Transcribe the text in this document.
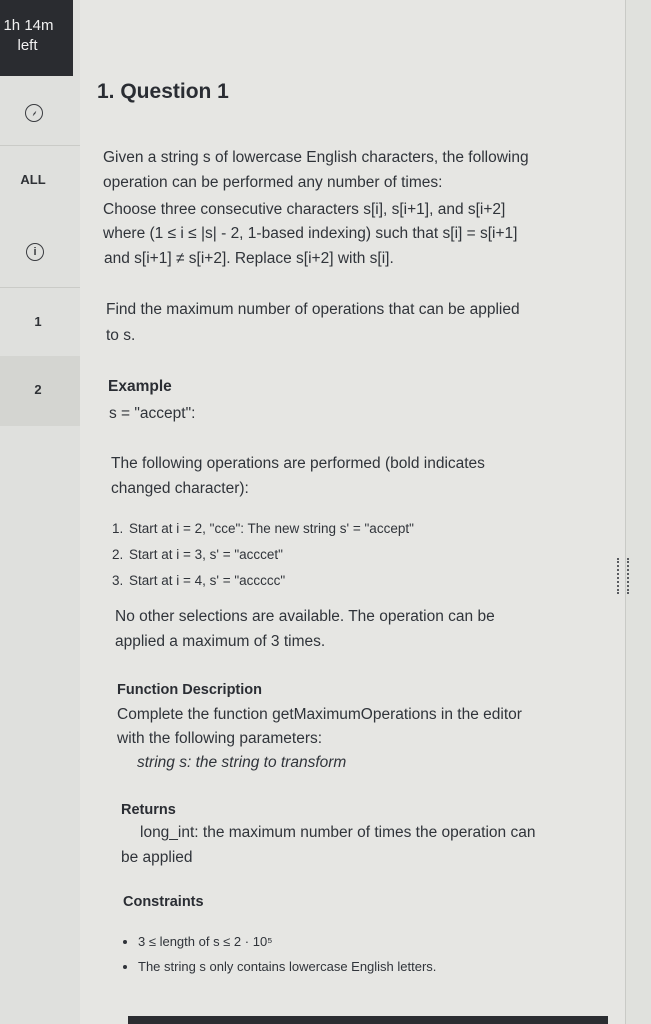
1h 14m
left
ALL
i
1
2
1. Question 1
Given a string s of lowercase English characters, the following
operation can be performed any number of times:
Choose three consecutive characters s[i], s[i+1], and s[i+2]
where (1 ≤ i ≤ |s| - 2, 1-based indexing) such that s[i] = s[i+1]
and s[i+1] ≠ s[i+2]. Replace s[i+2] with s[i].
Find the maximum number of operations that can be applied
to s.
Example
s = "accept":
The following operations are performed (bold indicates
changed character):
1. Start at i = 2, "cce": The new string s' = "accept"
2. Start at i = 3, s' = "acccet"
3. Start at i = 4, s' = "accccc"
No other selections are available. The operation can be
applied a maximum of 3 times.
Function Description
Complete the function getMaximumOperations in the editor
with the following parameters:
string s: the string to transform
Returns
long_int: the maximum number of times the operation can
be applied
Constraints
• 3 ≤ length of s ≤ 2 · 10⁵
• The string s only contains lowercase English letters.
